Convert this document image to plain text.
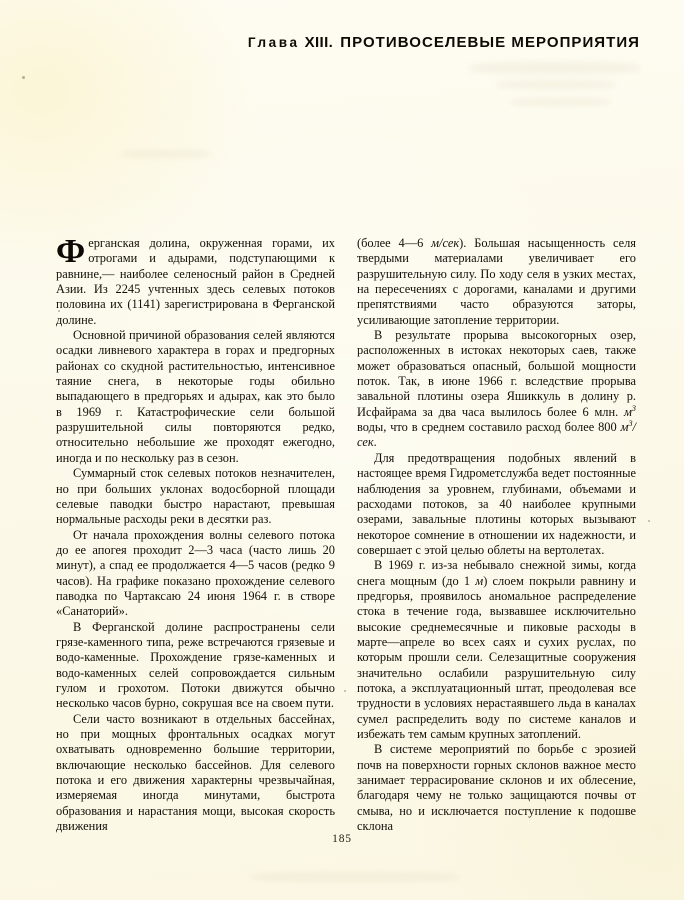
Глава XIII. ПРОТИВОСЕЛЕВЫЕ МЕРОПРИЯТИЯ

Ферганская долина, окруженная горами, их отрогами и адырами, подступающими к равнине,— наиболее селеносный район в Средней Азии. Из 2245 учтенных здесь селевых потоков половина их (1141) зарегистрирована в Ферганской долине.

Основной причиной образования селей являются осадки ливневого характера в горах и предгорных районах со скудной растительностью, интенсивное таяние снега, в некоторые годы обильно выпадающего в предгорьях и адырах, как это было в 1969 г. Катастрофические сели большой разрушительной силы повторяются редко, относительно небольшие же проходят ежегодно, иногда и по нескольку раз в сезон.

Суммарный сток селевых потоков незначителен, но при больших уклонах водосборной площади селевые паводки быстро нарастают, превышая нормальные расходы реки в десятки раз.

От начала прохождения волны селевого потока до ее апогея проходит 2—3 часа (часто лишь 20 минут), а спад ее продолжается 4—5 часов (редко 9 часов). На графике показано прохождение селевого паводка по Чартаксаю 24 июня 1964 г. в створе «Санаторий».

В Ферганской долине распространены сели грязе-каменного типа, реже встречаются грязевые и водо-каменные. Прохождение грязе-каменных и водо-каменных селей сопровождается сильным гулом и грохотом. Потоки движутся обычно несколько часов бурно, сокрушая все на своем пути.

Сели часто возникают в отдельных бассейнах, но при мощных фронтальных осадках могут охватывать одновременно большие территории, включающие несколько бассейнов. Для селевого потока и его движения характерны чрезвычайная, измеряемая иногда минутами, быстрота образования и нарастания мощи, высокая скорость движения

(более 4—6 м/сек). Большая насыщенность селя твердыми материалами увеличивает его разрушительную силу. По ходу селя в узких местах, на пересечениях с дорогами, каналами и другими препятствиями часто образуются заторы, усиливающие затопление территории.

В результате прорыва высокогорных озер, расположенных в истоках некоторых саев, также может образоваться опасный, большой мощности поток. Так, в июне 1966 г. вследствие прорыва завальной плотины озера Яшиккуль в долину р. Исфайрама за два часа вылилось более 6 млн. $м^3$ воды, что в среднем составило расход более 800 $м^3$/сек.

Для предотвращения подобных явлений в настоящее время Гидрометслужба ведет постоянные наблюдения за уровнем, глубинами, объемами и расходами потоков, за 40 наиболее крупными озерами, завальные плотины которых вызывают некоторое сомнение в отношении их надежности, и совершает с этой целью облеты на вертолетах.

В 1969 г. из-за небывало снежной зимы, когда снега мощным (до 1 м) слоем покрыли равнину и предгорья, проявилось аномальное распределение стока в течение года, вызвавшее исключительно высокие среднемесячные и пиковые расходы в марте—апреле во всех саях и сухих руслах, по которым прошли сели. Селезащитные сооружения значительно ослабили разрушительную силу потока, а эксплуатационный штат, преодолевая все трудности в условиях нерастаявшего льда в каналах сумел распределить воду по системе каналов и избежать тем самым крупных затоплений.

В системе мероприятий по борьбе с эрозией почв на поверхности горных склонов важное место занимает террасирование склонов и их облесение, благодаря чему не только защищаются почвы от смыва, но и исключается поступление к подошве склона

185
